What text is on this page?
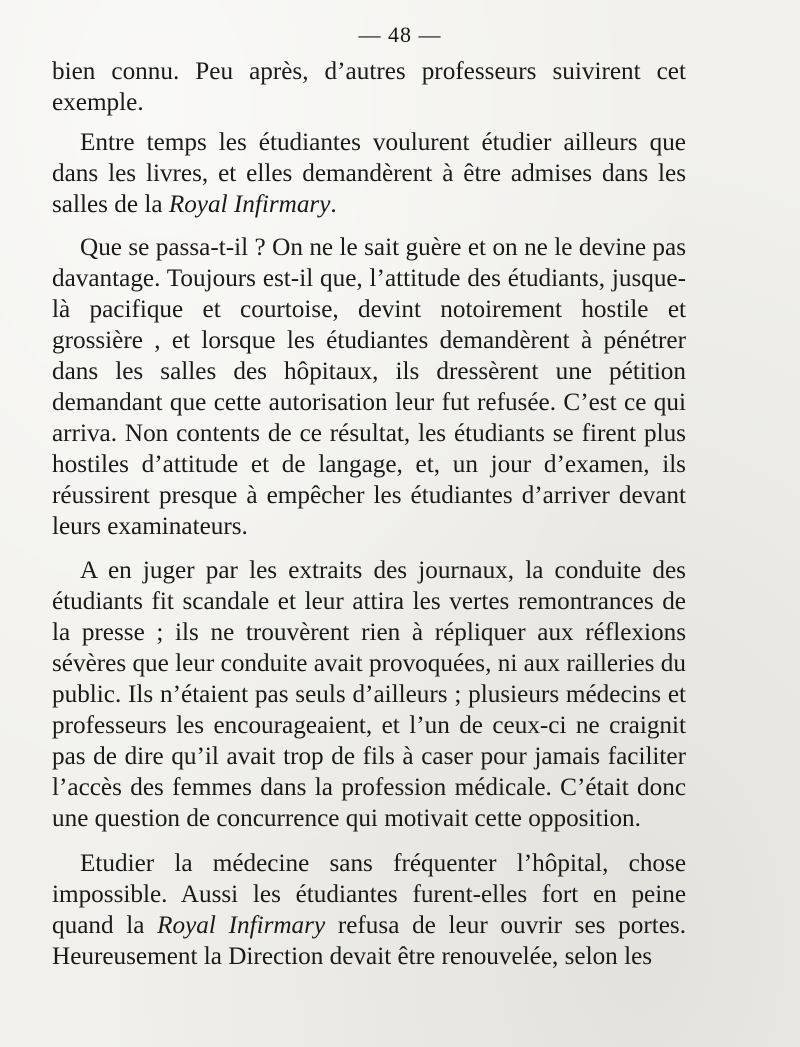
— 48 —

bien connu. Peu après, d’autres professeurs suivirent cet exemple.

Entre temps les étudiantes voulurent étudier ailleurs que dans les livres, et elles demandèrent à être admises dans les salles de la Royal Infirmary.

Que se passa-t-il ? On ne le sait guère et on ne le devine pas davantage. Toujours est-il que, l’attitude des étudiants, jusque-là pacifique et courtoise, devint notoirement hostile et grossière , et lorsque les étudiantes demandèrent à pénétrer dans les salles des hôpitaux, ils dressèrent une pétition demandant que cette autorisation leur fut refusée. C’est ce qui arriva. Non contents de ce résultat, les étudiants se firent plus hostiles d’attitude et de langage, et, un jour d’examen, ils réussirent presque à empêcher les étudiantes d’arriver devant leurs examinateurs.

A en juger par les extraits des journaux, la conduite des étudiants fit scandale et leur attira les vertes remontrances de la presse ; ils ne trouvèrent rien à répliquer aux réflexions sévères que leur conduite avait provoquées, ni aux railleries du public. Ils n’étaient pas seuls d’ailleurs ; plusieurs médecins et professeurs les encourageaient, et l’un de ceux-ci ne craignit pas de dire qu’il avait trop de fils à caser pour jamais faciliter l’accès des femmes dans la profession médicale. C’était donc une question de concurrence qui motivait cette opposition.

Etudier la médecine sans fréquenter l’hôpital, chose impossible. Aussi les étudiantes furent-elles fort en peine quand la Royal Infirmary refusa de leur ouvrir ses portes. Heureusement la Direction devait être renouvelée, selon les
